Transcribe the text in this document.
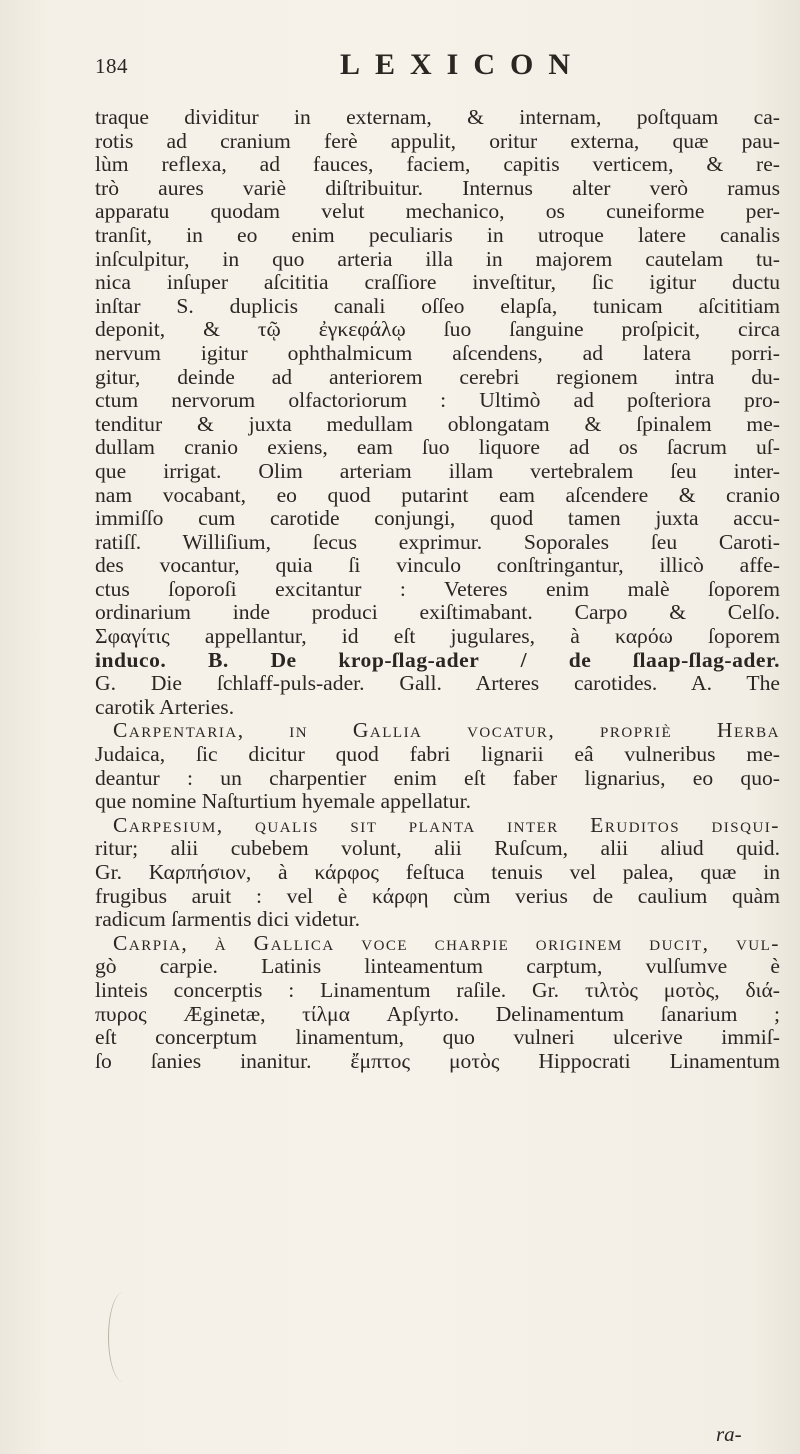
184	LEXICON
traque dividitur in externam, & internam, poſtquam ca-
rotis ad cranium ferè appulit, oritur externa, quæ pau-
lùm reflexa, ad fauces, faciem, capitis verticem, & re-
trò aures variè diſtribuitur. Internus alter verò ramus
apparatu quodam velut mechanico, os cuneiforme per-
tranſit, in eo enim peculiaris in utroque latere canalis
inſculpitur, in quo arteria illa in majorem cautelam tu-
nica inſuper aſcititia craſſiore inveſtitur, ſic igitur ductu
inſtar S. duplicis canali oſſeo elapſa, tunicam aſcititiam
deponit, & τῷ ἐγκεφάλῳ ſuo ſanguine proſpicit, circa
nervum igitur ophthalmicum aſcendens, ad latera porri-
gitur, deinde ad anteriorem cerebri regionem intra du-
ctum nervorum olfactoriorum : Ultimò ad poſteriora pro-
tenditur & juxta medullam oblongatam & ſpinalem me-
dullam cranio exiens, eam ſuo liquore ad os ſacrum uſ-
que irrigat. Olim arteriam illam vertebralem ſeu inter-
nam vocabant, eo quod putarint eam aſcendere & cranio
immiſſo cum carotide conjungi, quod tamen juxta accu-
ratiſſ. Williſium, ſecus exprimur. Soporales ſeu Caroti-
des vocantur, quia ſi vinculo conſtringantur, illicò affe-
ctus ſoporoſi excitantur : Veteres enim malè ſoporem
ordinarium inde produci exiſtimabant. Carpo & Celſo.
Σφαγίτις appellantur, id eſt jugulares, à καρόω ſoporem
induco. B. De krop-ſlag-ader / de ſlaap-ſlag-ader.
G. Die ſchlaff-puls-ader. Gall. Arteres carotides. A. The
carotik Arteries.
Carpentaria, in Gallia vocatur, propriè Herba
Judaica, ſic dicitur quod fabri lignarii eâ vulneribus me-
deantur : un charpentier enim eſt faber lignarius, eo quo-
que nomine Naſturtium hyemale appellatur.
Carpesium, qualis ſit planta inter Eruditos diſqui-
ritur; alii cubebem volunt, alii Ruſcum, alii aliud quid.
Gr. Καρπήσιον, à κάρφος feſtuca tenuis vel palea, quæ in
frugibus aruit : vel è κάρφη cùm verius de caulium quàm
radicum ſarmentis dici videtur.
Carpia, à Gallica voce charpie originem ducit, vul-
gò carpie. Latinis linteamentum carptum, vulſumve è
linteis concerptis : Linamentum raſile. Gr. τιλτὸς μοτὸς, διά-
πυρος Æginetæ, τίλμα Apſyrto. Delinamentum ſanarium ;
eſt concerptum linamentum, quo vulneri ulcerive immiſ-
ſo ſanies inanitur. ἔμπτος μοτὸς Hippocrati Linamentum
ra-
